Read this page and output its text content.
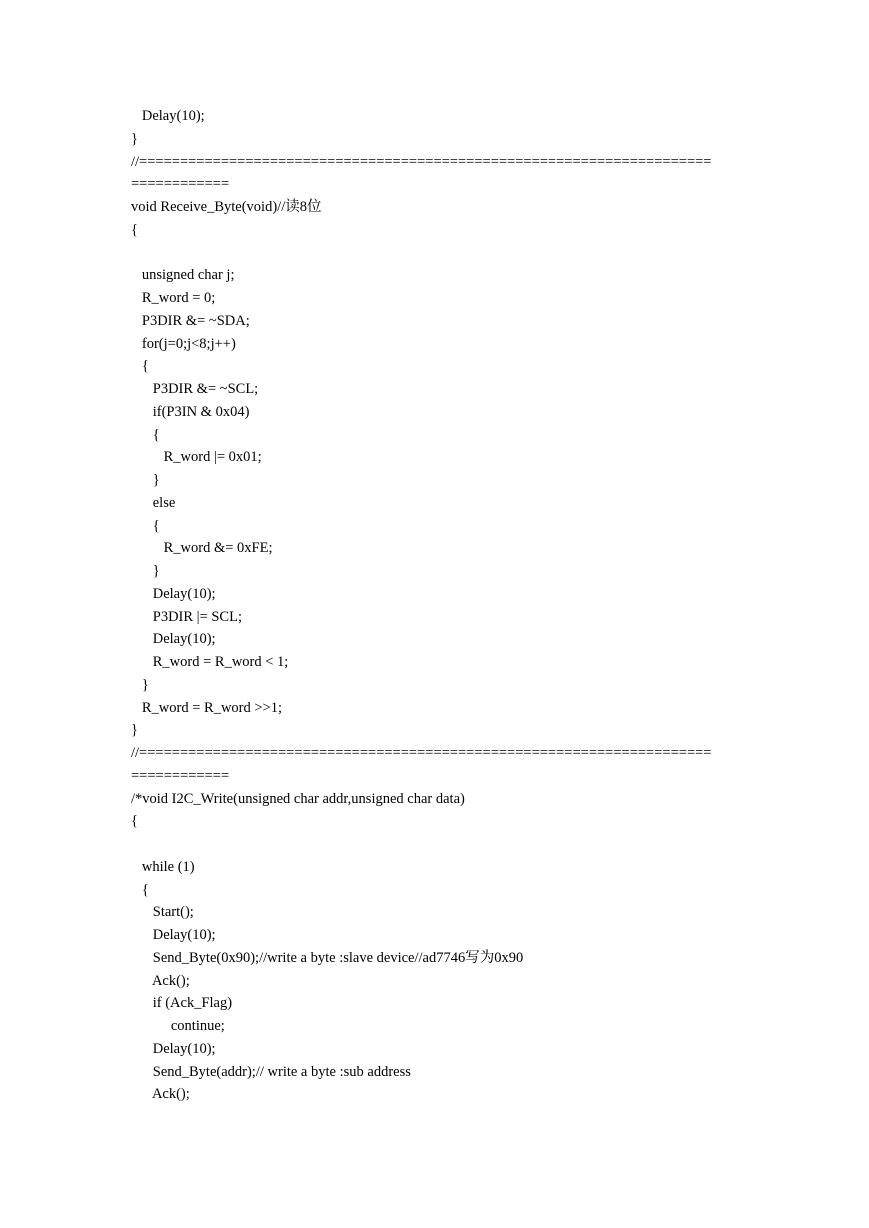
Delay(10);
}
//======================================================================
============
void Receive_Byte(void)//读8位
{
unsigned char j;
R_word = 0;
P3DIR &= ~SDA;
for(j=0;j<8;j++)
{
P3DIR &= ~SCL;
if(P3IN & 0x04)
{
R_word |= 0x01;
}
else
{
R_word &= 0xFE;
}
Delay(10);
P3DIR |= SCL;
Delay(10);
R_word = R_word < 1;
}
R_word = R_word >>1;
}
//======================================================================
============
/*void I2C_Write(unsigned char addr,unsigned char data)
{
while (1)
{
Start();
Delay(10);
Send_Byte(0x90);//write a byte :slave device//ad7746写为0x90
Ack();
if (Ack_Flag)
continue;
Delay(10);
Send_Byte(addr);// write a byte :sub address
Ack();
